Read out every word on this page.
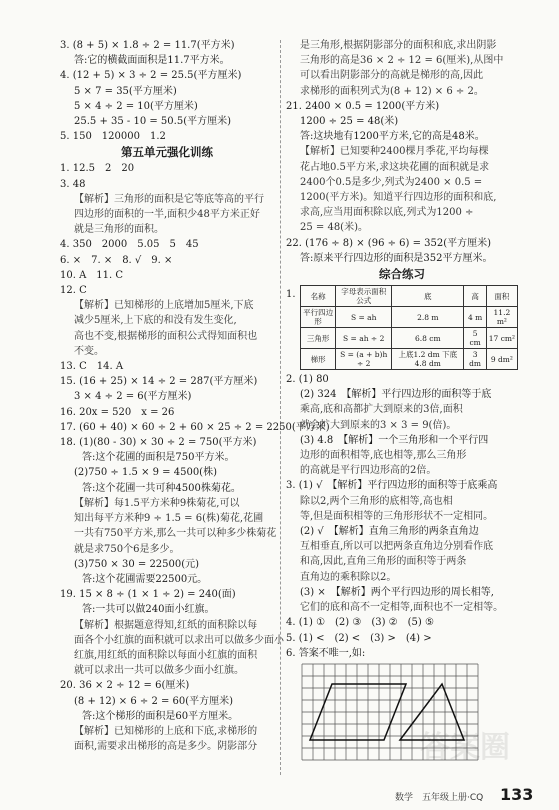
3. (8 + 5) × 1.8 ÷ 2 = 11.7(平方米)
答:它的横截面面积是11.7平方米。
4. (12 + 5) × 3 ÷ 2 = 25.5(平方厘米)
5 × 7 = 35(平方厘米)
5 × 4 ÷ 2 = 10(平方厘米)
25.5 + 35 - 10 = 50.5(平方厘米)
5. 150　120000　1.2
第五单元强化训练
1. 12.5　2　20
3. 48
【解析】三角形的面积是它等底等高的平行
四边形的面积的一半,面积少48平方米正好
就是三角形的面积。
4. 350　2000　5.05　5　45
6. ×　7. ×　8. √　9. ×
10. A　11. C
12. C
【解析】已知梯形的上底增加5厘米,下底
减少5厘米,上下底的和没有发生变化,
高也不变,根据梯形的面积公式得知面积也
不变。
13. C　14. A
15. (16 + 25) × 14 ÷ 2 = 287(平方厘米)
3 × 4 ÷ 2 = 6(平方厘米)
16. 20x = 520　x = 26
17. (60 + 40) × 60 ÷ 2 + 60 × 25 ÷ 2 = 2250(平方米)
18. (1)(80 - 30) × 30 ÷ 2 = 750(平方米)
答:这个花圃的面积是750平方米。
(2)750 ÷ 1.5 × 9 = 4500(株)
答:这个花圃一共可种4500株菊花。
【解析】每1.5平方米种9株菊花,可以
知出每平方米种9 ÷ 1.5 = 6(株)菊花,花圃
一共有750平方米,那么一共可以种多少株菊花
就是求750个6是多少。
(3)750 × 30 = 22500(元)
答:这个花圃需要22500元。
19. 15 × 8 ÷ (1 × 1 ÷ 2) = 240(面)
答:一共可以做240面小红旗。
【解析】根据题意得知,红纸的面积除以每
面各个小红旗的面积就可以求出可以做多少面小
红旗,用红纸的面积除以每面小红旗的面积
就可以求出一共可以做多少面小红旗。
20. 36 × 2 ÷ 12 = 6(厘米)
(8 + 12) × 6 ÷ 2 = 60(平方厘米)
答:这个梯形的面积是60平方厘米。
【解析】已知梯形的上底和下底,求梯形的
面积,需要求出梯形的高是多少。阴影部分
是三角形,根据阴影部分的面积和底,求出阴影
三角形的高是36 × 2 ÷ 12 = 6(厘米),从图中
可以看出阴影部分的高就是梯形的高,因此
求梯形的面积列式为(8 + 12) × 6 ÷ 2。
21. 2400 × 0.5 = 1200(平方米)
1200 ÷ 25 = 48(米)
答:这块地有1200平方米,它的高是48米。
【解析】已知要种2400棵月季花,平均每棵
花占地0.5平方米,求这块花圃的面积就是求
2400个0.5是多少,列式为2400 × 0.5 =
1200(平方米)。知道平行四边形的面积和底,
求高,应当用面积除以底,列式为1200 ÷
25 = 48(米)。
22. (176 ÷ 8) × (96 ÷ 6) = 352(平方厘米)
答:原来平行四边形的面积是352平方厘米。
综合练习
1. 名称	字母表示面积公式	底	高	面积
平行四边形	S = ah	2.8 m	4 m	11.2 m²
三角形	S = ah ÷ 2	6.8 cm	5 cm	17 cm²
梯形	S = (a + b)h ÷ 2	上底1.2 dm 下底4.8 dm	3 dm	9 dm²
2. (1) 80
(2) 324　【解析】平行四边形的面积等于底
乘高,底和高都扩大到原来的3倍,面积
就会扩大到原来的3 × 3 = 9(倍)。
(3) 4.8　【解析】一个三角形和一个平行四
边形的面积相等,底也相等,那么三角形
的高就是平行四边形高的2倍。
3. (1) √　【解析】平行四边形的面积等于底乘高
除以2,两个三角形的底相等,高也相
等,但是面积相等的三角形形状不一定相同。
(2) √　【解析】直角三角形的两条直角边
互相垂直,所以可以把两条直角边分别看作底
和高,因此,直角三角形的面积等于两条
直角边的乘积除以2。
(3) ×　【解析】两个平行四边形的周长相等,
它们的底和高不一定相等,面积也不一定相等。
4. (1) ①　(2) ③　(3) ②　(5) ⑤
5. (1) <　(2) <　(3) >　(4) >
6. 答案不唯一,如:
数学　五年级上册·CQ 133
答案圈
